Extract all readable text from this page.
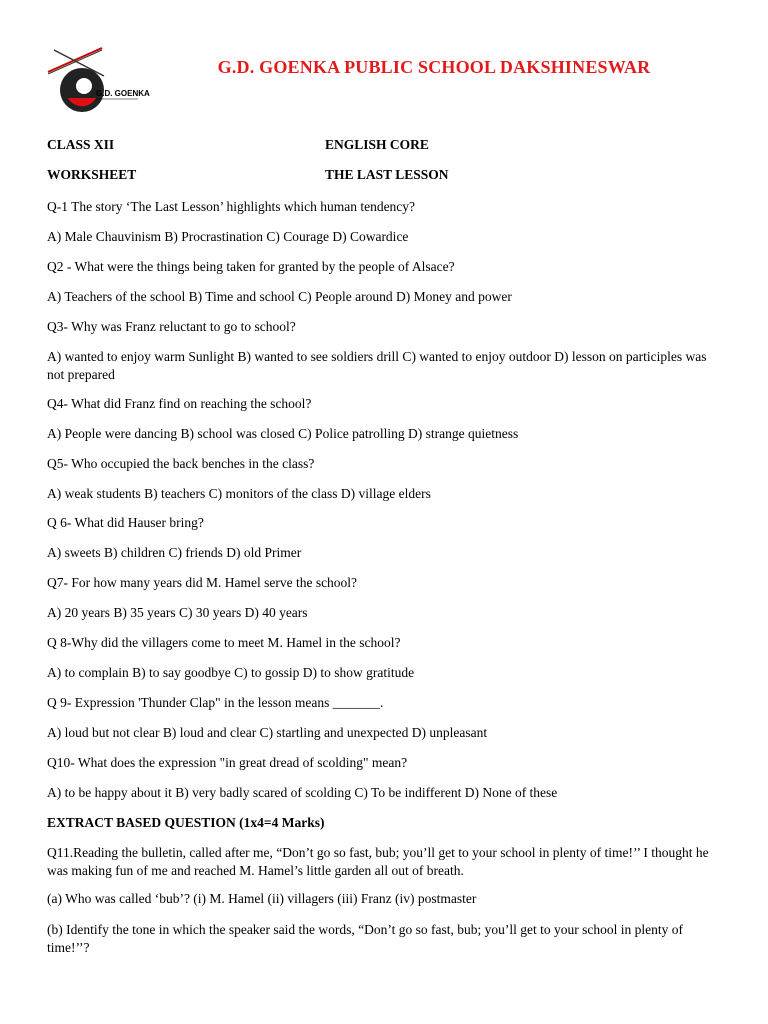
G.D. GOENKA
G.D. GOENKA PUBLIC SCHOOL DAKSHINESWAR
CLASS XII	ENGLISH CORE
WORKSHEET	THE LAST LESSON
Q-1 The story ‘The Last Lesson’ highlights which human tendency?
A) Male Chauvinism B) Procrastination C) Courage D) Cowardice
Q2 - What were the things being taken for granted by the people of Alsace?
A) Teachers of the school B) Time and school C) People around D) Money and power
Q3- Why was Franz reluctant to go to school?
A) wanted to enjoy warm Sunlight B) wanted to see soldiers drill C) wanted to enjoy outdoor D) lesson on participles was not prepared
Q4- What did Franz find on reaching the school?
A) People were dancing B) school was closed C) Police patrolling D) strange quietness
Q5- Who occupied the back benches in the class?
A) weak students B) teachers C) monitors of the class D) village elders
Q 6- What did Hauser bring?
A) sweets B) children C) friends D) old Primer
Q7- For how many years did M. Hamel serve the school?
A) 20 years B) 35 years C) 30 years D) 40 years
Q 8-Why did the villagers come to meet M. Hamel in the school?
A) to complain B) to say goodbye C) to gossip D) to show gratitude
Q 9- Expression 'Thunder Clap" in the lesson means _______.
A) loud but not clear B) loud and clear C) startling and unexpected D) unpleasant
Q10- What does the expression "in great dread of scolding" mean?
A) to be happy about it B) very badly scared of scolding C) To be indifferent D) None of these
EXTRACT BASED QUESTION (1x4=4 Marks)
Q11.Reading the bulletin, called after me, “Don’t go so fast, bub; you’ll get to your school in plenty of time!’’ I thought he was making fun of me and reached M. Hamel’s little garden all out of breath.
(a) Who was called ‘bub’? (i) M. Hamel (ii) villagers (iii) Franz (iv) postmaster
(b) Identify the tone in which the speaker said the words, “Don’t go so fast, bub; you’ll get to your school in plenty of time!’’?
